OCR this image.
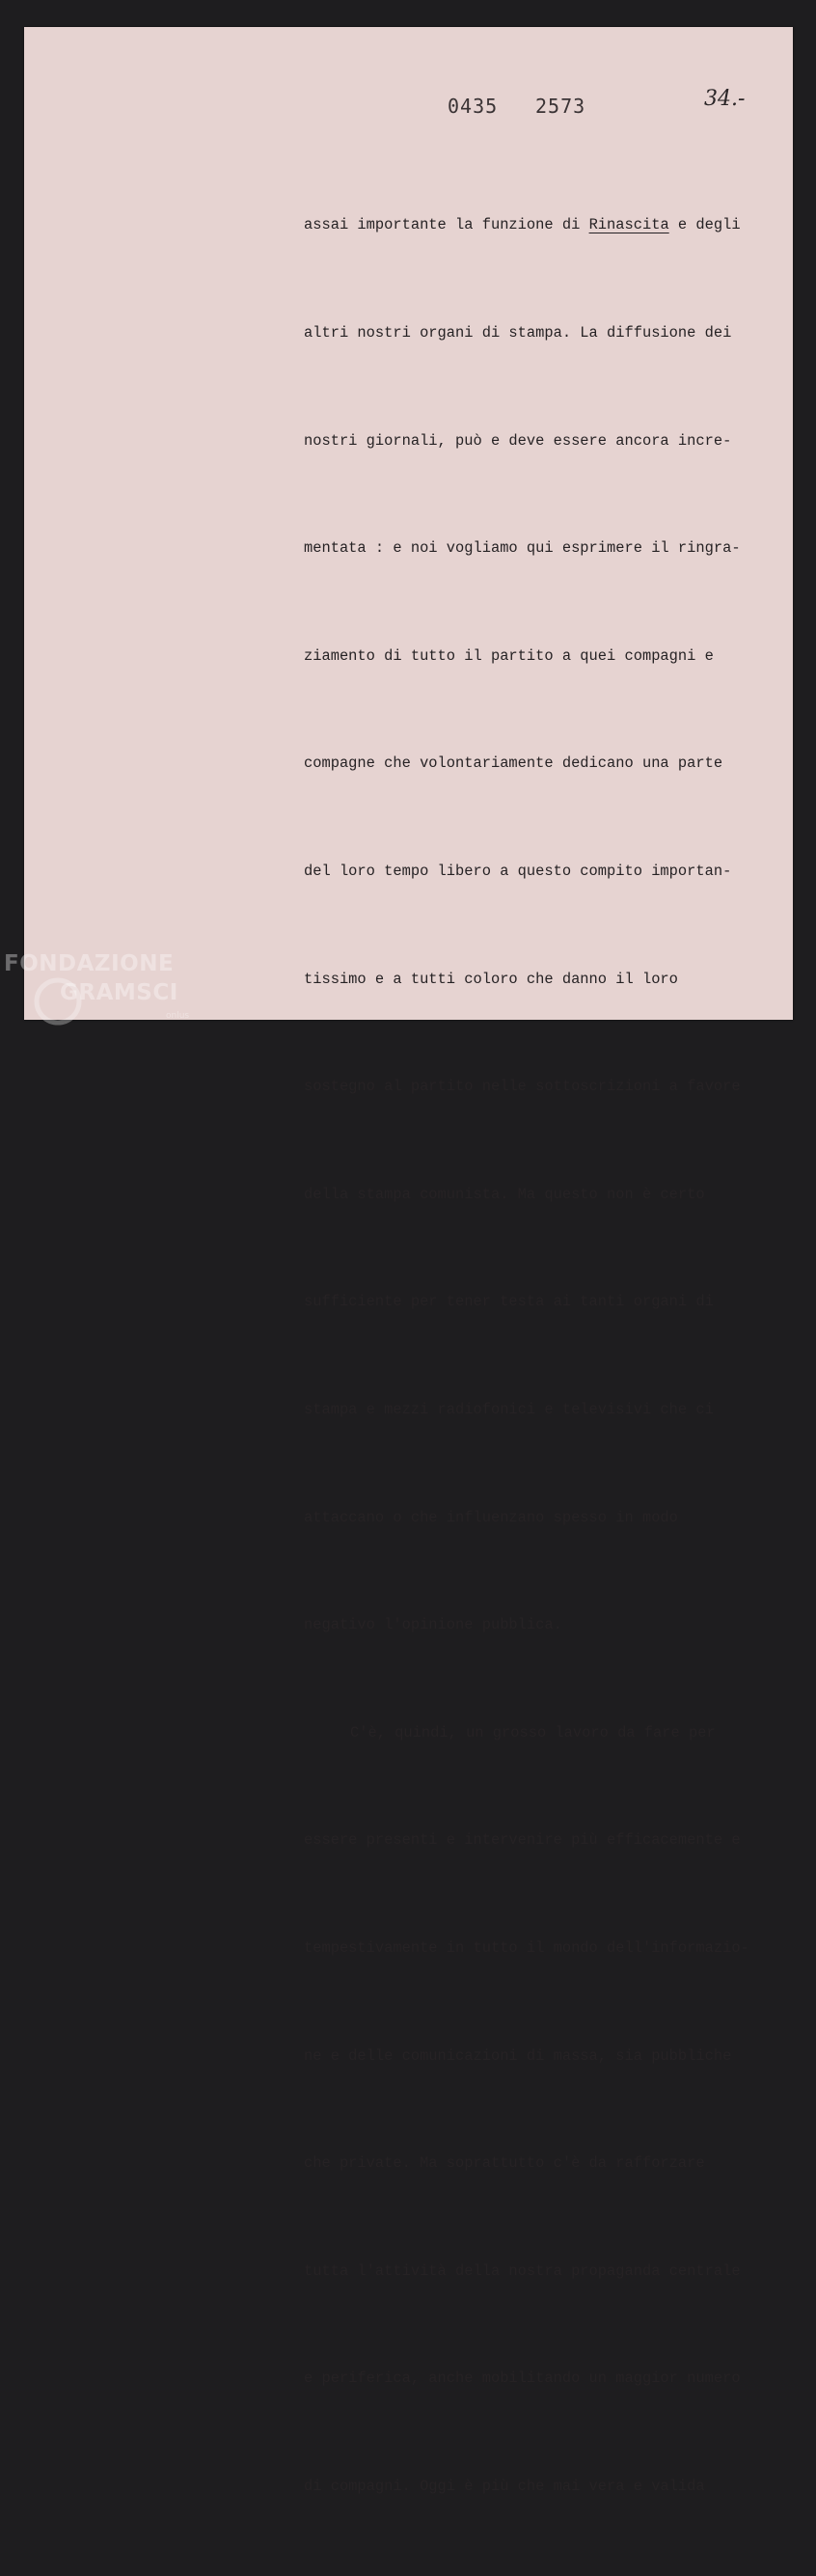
0435 2573	34.-

assai importante la funzione di Rinascita e degli

altri nostri organi di stampa. La diffusione dei

nostri giornali, può e deve essere ancora incre-

mentata : e noi vogliamo qui esprimere il ringra-

ziamento di tutto il partito a quei compagni e

compagne che volontariamente dedicano una parte

del loro tempo libero a questo compito importan-

tissimo e a tutti coloro che danno il loro

sostegno al partito nelle sottoscrizioni a favore

della stampa comunista. Ma questo non è certo

sufficiente per tener testa ai tanti organi di

stampa e mezzi radiofonici e televisivi che ci

attaccano o che influenzano spesso in modo

negativo l'opinione pubblica.

C'è, quindi, un grosso lavoro da fare per

essere presenti e intervenire più efficacemente e

tempestivamente in tutto il mondo dell'informazio-

ne e delle comunicazioni di massa, sia pubbliche

che private. Ma soprattutto c'è da rafforzare

tutta l'attività della nostra propaganda centrale

e periferica, anche mobilitando un maggior numero

di compagni. Oggi è più che mai vera e valida

FONDAZIONE
GRAMSCI
onlus
